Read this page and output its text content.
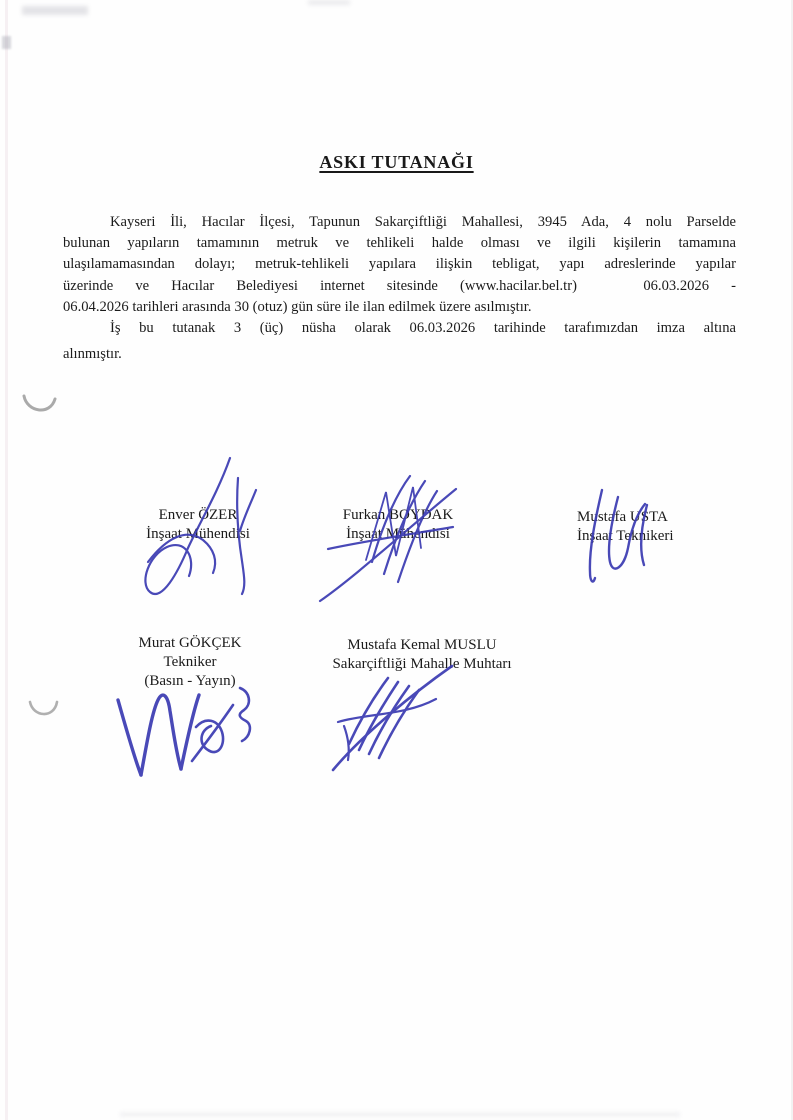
ASKI TUTANAĞI
Kayseri İli, Hacılar İlçesi, Tapunun Sakarçiftliği Mahallesi, 3945 Ada, 4 nolu Parselde
bulunan yapıların tamamının metruk ve tehlikeli halde olması ve ilgili kişilerin tamamına
ulaşılamamasından dolayı; metruk-tehlikeli yapılara ilişkin tebligat, yapı adreslerinde yapılar
üzerinde ve Hacılar Belediyesi internet sitesinde (www.hacilar.bel.tr)   06.03.2026 -
06.04.2026 tarihleri arasında 30 (otuz) gün süre ile ilan edilmek üzere asılmıştır.
İş bu tutanak 3 (üç) nüsha olarak 06.03.2026 tarihinde tarafımızdan imza altına
alınmıştır.
Enver ÖZER
İnşaat Mühendisi
Furkan BOYDAK
İnşaat Mühendisi
Mustafa USTA
İnşaat Teknikeri
Murat GÖKÇEK
Tekniker
(Basın - Yayın)
Mustafa Kemal MUSLU
Sakarçiftliği Mahalle Muhtarı
